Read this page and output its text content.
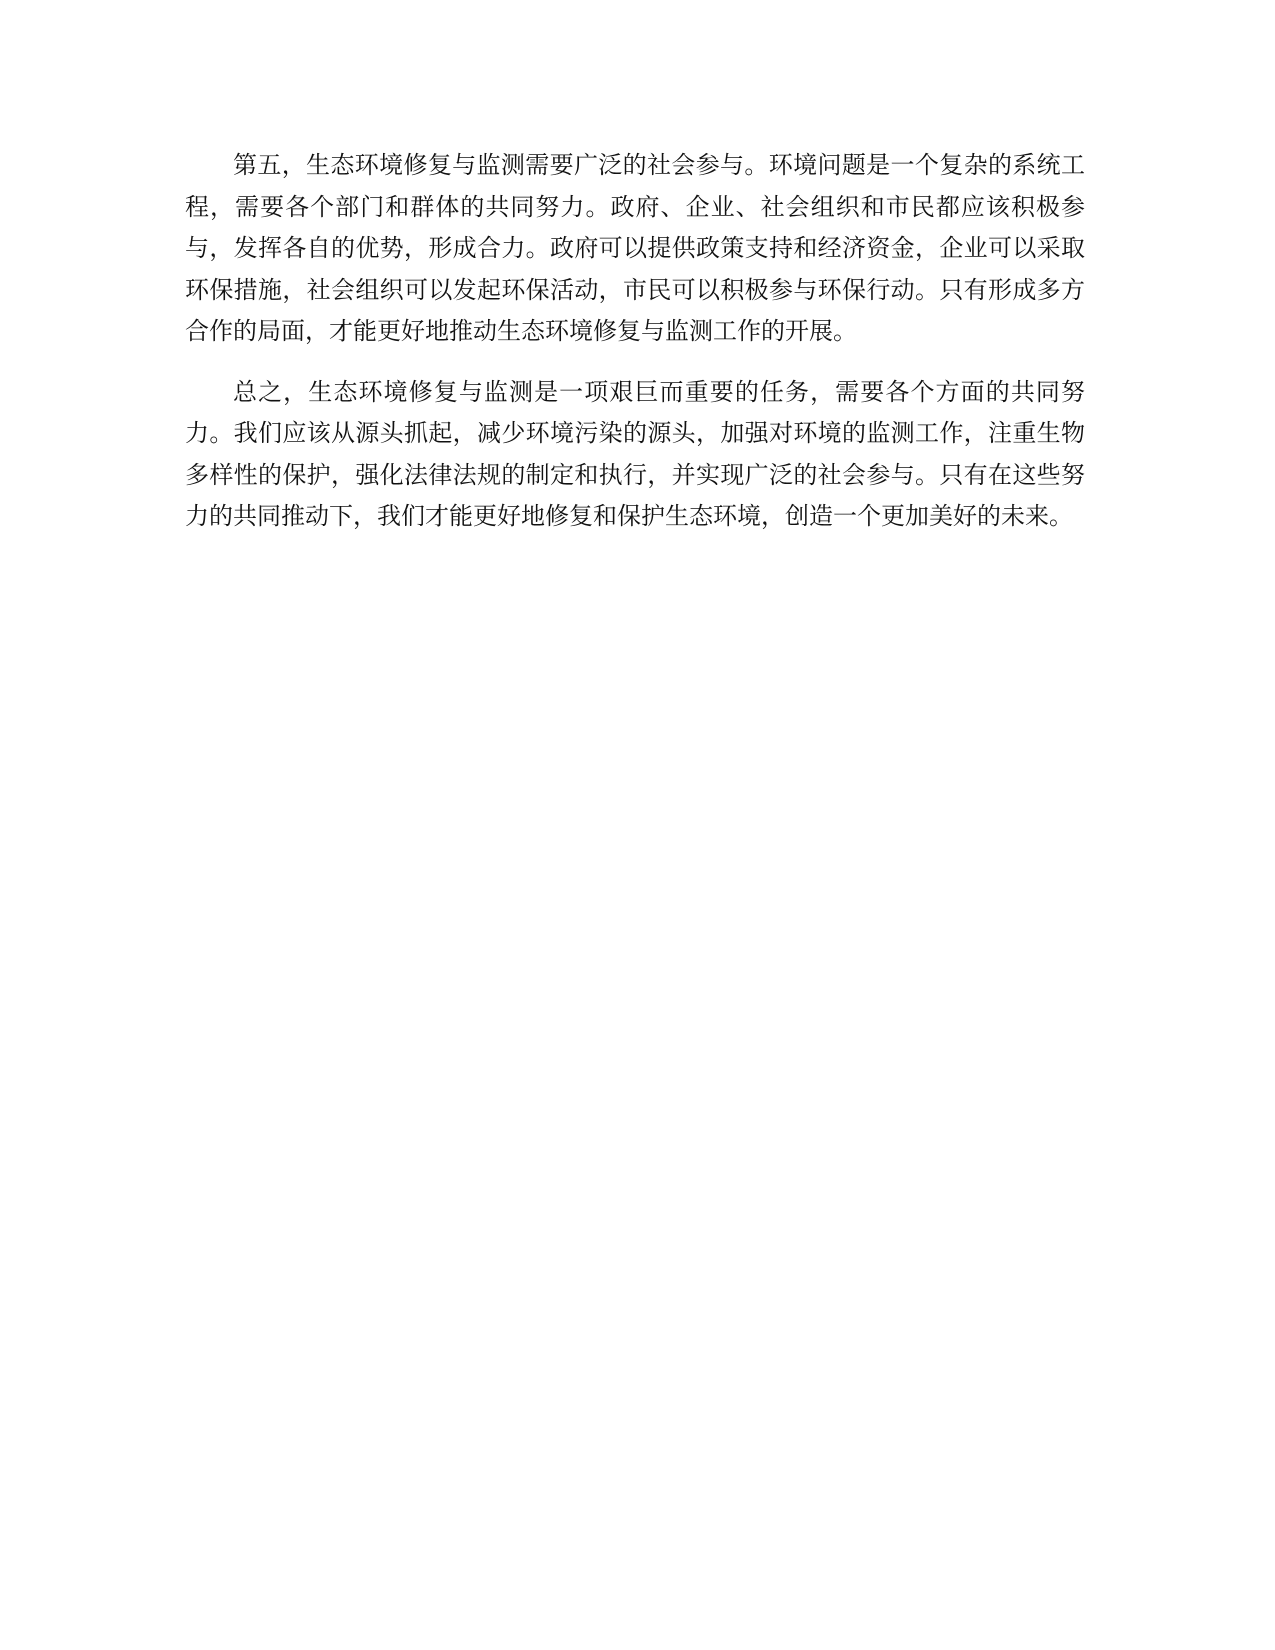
第五，生态环境修复与监测需要广泛的社会参与。环境问题是一个复杂的系统工程，需要各个部门和群体的共同努力。政府、企业、社会组织和市民都应该积极参与，发挥各自的优势，形成合力。政府可以提供政策支持和经济资金，企业可以采取环保措施，社会组织可以发起环保活动，市民可以积极参与环保行动。只有形成多方合作的局面，才能更好地推动生态环境修复与监测工作的开展。

总之，生态环境修复与监测是一项艰巨而重要的任务，需要各个方面的共同努力。我们应该从源头抓起，减少环境污染的源头，加强对环境的监测工作，注重生物多样性的保护，强化法律法规的制定和执行，并实现广泛的社会参与。只有在这些努力的共同推动下，我们才能更好地修复和保护生态环境，创造一个更加美好的未来。
